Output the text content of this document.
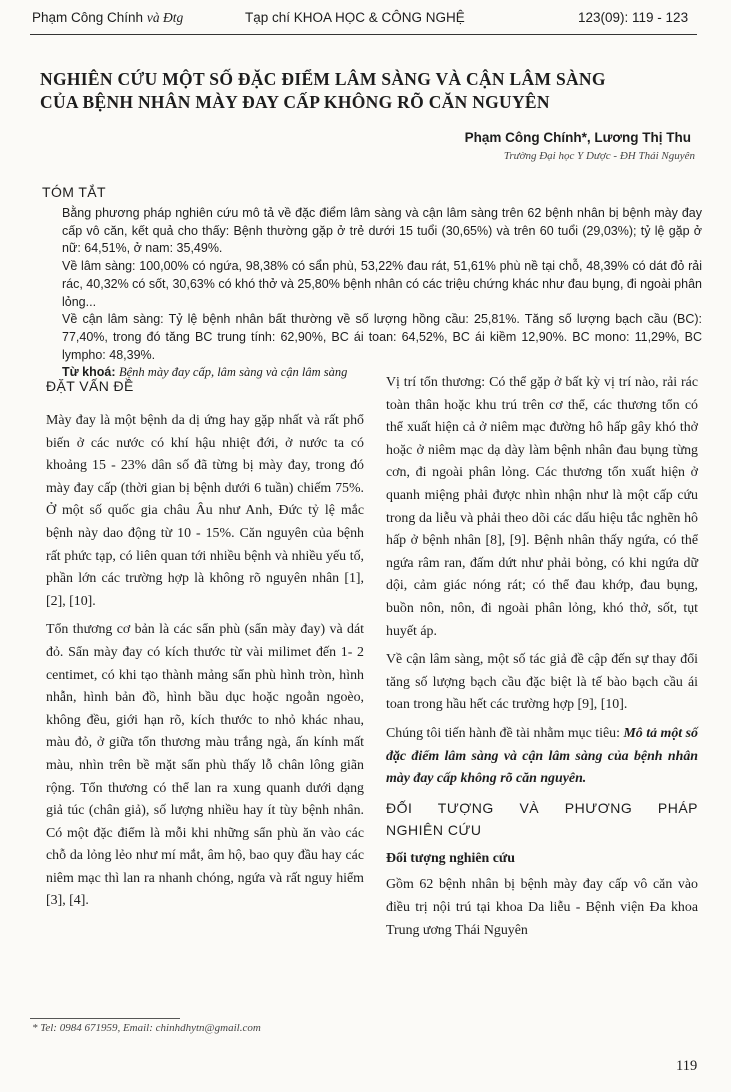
Phạm Công Chính và Đtg	Tạp chí KHOA HỌC & CÔNG NGHỆ	123(09): 119 - 123
NGHIÊN CỨU MỘT SỐ ĐẶC ĐIỂM LÂM SÀNG VÀ CẬN LÂM SÀNG
CỦA BỆNH NHÂN MÀY ĐAY CẤP KHÔNG RÕ CĂN NGUYÊN
Phạm Công Chính*, Lương Thị Thu
Trường Đại học Y Dược - ĐH Thái Nguyên
TÓM TẮT

Bằng phương pháp nghiên cứu mô tả về đặc điểm lâm sàng và cận lâm sàng trên 62 bệnh nhân bị bệnh mày đay cấp vô căn, kết quả cho thấy: Bệnh thường gặp ở trẻ dưới 15 tuổi (30,65%) và trên 60 tuổi (29,03%); tỷ lệ gặp ở nữ: 64,51%, ở nam: 35,49%.

Về lâm sàng: 100,00% có ngứa, 98,38% có sẩn phù, 53,22% đau rát, 51,61% phù nề tại chỗ, 48,39% có dát đỏ rải rác, 40,32% có sốt, 30,63% có khó thở và 25,80% bệnh nhân có các triệu chứng khác như đau bụng, đi ngoài phân lỏng...

Về cận lâm sàng: Tỷ lệ bệnh nhân bất thường về số lượng hồng cầu: 25,81%. Tăng số lượng bạch cầu (BC): 77,40%, trong đó tăng BC trung tính: 62,90%, BC ái toan: 64,52%, BC ái kiềm 12,90%. BC mono: 11,29%, BC lympho: 48,39%.

Từ khoá: Bệnh mày đay cấp, lâm sàng và cận lâm sàng

ĐẶT VẤN ĐỀ

Mày đay là một bệnh da dị ứng hay gặp nhất và rất phổ biến ở các nước có khí hậu nhiệt đới, ở nước ta có khoảng 15 - 23% dân số đã từng bị mày đay, trong đó mày đay cấp (thời gian bị bệnh dưới 6 tuần) chiếm 75%. Ở một số quốc gia châu Âu như Anh, Đức tỷ lệ mắc bệnh này dao động từ 10 - 15%. Căn nguyên của bệnh rất phức tạp, có liên quan tới nhiều bệnh và nhiều yếu tố, phần lớn các trường hợp là không rõ nguyên nhân [1], [2], [10].

Tổn thương cơ bản là các sẩn phù (sẩn mày đay) và dát đỏ. Sẩn mày đay có kích thước từ vài milimet đến 1- 2 centimet, có khi tạo thành mảng sẩn phù hình tròn, hình nhẫn, hình bản đồ, hình bầu dục hoặc ngoằn ngoèo, không đều, giới hạn rõ, kích thước to nhỏ khác nhau, màu đỏ, ở giữa tổn thương màu trắng ngà, ấn kính mất màu, nhìn trên bề mặt sẩn phù thấy lỗ chân lông giãn rộng. Tổn thương có thể lan ra xung quanh dưới dạng giả túc (chân giả), số lượng nhiều hay ít tùy bệnh nhân. Có một đặc điểm là mỗi khi những sẩn phù ăn vào các chỗ da lỏng lẻo như mí mắt, âm hộ, bao quy đầu hay các niêm mạc thì lan ra nhanh chóng, ngứa và rất nguy hiểm [3], [4].

Vị trí tổn thương: Có thể gặp ở bất kỳ vị trí nào, rải rác toàn thân hoặc khu trú trên cơ thể, các thương tổn có thể xuất hiện cả ở niêm mạc đường hô hấp gây khó thở hoặc ở niêm mạc dạ dày làm bệnh nhân đau bụng từng cơn, đi ngoài phân lỏng. Các thương tổn xuất hiện ở quanh miệng phải được nhìn nhận như là một cấp cứu trong da liễu và phải theo dõi các dấu hiệu tắc nghẽn hô hấp ở bệnh nhân [8], [9]. Bệnh nhân thấy ngứa, có thể ngứa râm ran, đấm dứt như phải bỏng, có khi ngứa dữ dội, cảm giác nóng rát; có thể đau khớp, đau bụng, buồn nôn, nôn, đi ngoài phân lỏng, khó thở, sốt, tụt huyết áp.

Về cận lâm sàng, một số tác giả đề cập đến sự thay đổi tăng số lượng bạch cầu đặc biệt là tế bào bạch cầu ái toan trong hầu hết các trường hợp [9], [10].

Chúng tôi tiến hành đề tài nhằm mục tiêu: Mô tả một số đặc điểm lâm sàng và cận lâm sàng của bệnh nhân mày đay cấp không rõ căn nguyên.

ĐỐI TƯỢNG VÀ PHƯƠNG PHÁP
NGHIÊN CỨU
Đối tượng nghiên cứu

Gồm 62 bệnh nhân bị bệnh mày đay cấp vô căn vào điều trị nội trú tại khoa Da liễu - Bệnh viện Đa khoa Trung ương Thái Nguyên

* Tel: 0984 671959, Email: chinhdhytn@gmail.com
119
